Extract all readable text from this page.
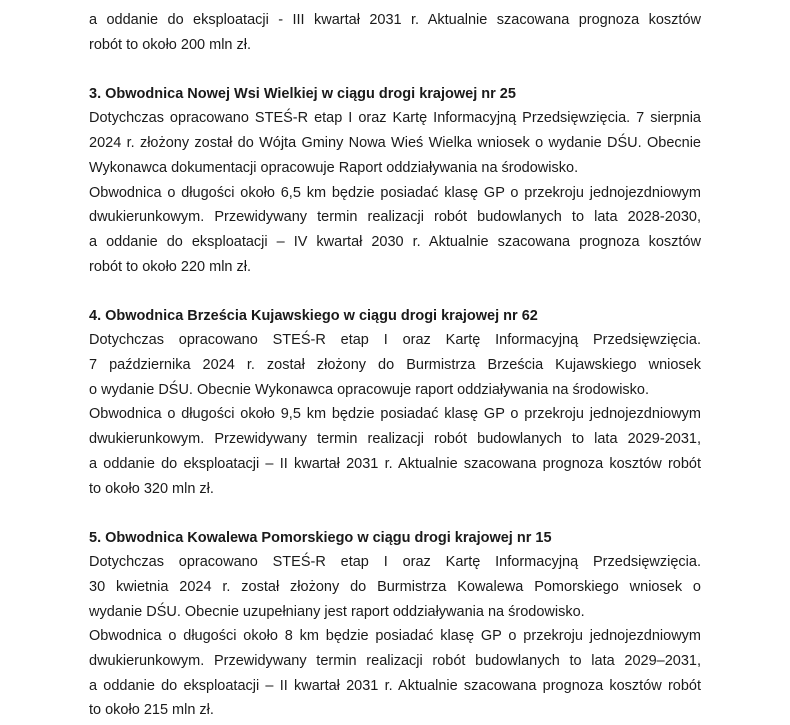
a oddanie do eksploatacji - III kwartał 2031 r. Aktualnie szacowana prognoza kosztów
robót to około 200 mln zł.
3. Obwodnica Nowej Wsi Wielkiej w ciągu drogi krajowej nr 25
Dotychczas opracowano STEŚ-R etap I oraz Kartę Informacyjną Przedsięwzięcia. 7 sierpnia
2024 r. złożony został do Wójta Gminy Nowa Wieś Wielka wniosek o wydanie DŚU. Obecnie
Wykonawca dokumentacji opracowuje Raport oddziaływania na środowisko.
Obwodnica o długości około 6,5 km będzie posiadać klasę GP o przekroju jednojezdniowym
dwukierunkowym. Przewidywany termin realizacji robót budowlanych to lata 2028-2030,
a oddanie do eksploatacji – IV kwartał 2030 r. Aktualnie szacowana prognoza kosztów
robót to około 220 mln zł.
4. Obwodnica Brześcia Kujawskiego w ciągu drogi krajowej nr 62
Dotychczas opracowano STEŚ-R etap I oraz Kartę Informacyjną Przedsięwzięcia.
7 października 2024 r. został złożony do Burmistrza Brześcia Kujawskiego wniosek
o wydanie DŚU. Obecnie Wykonawca opracowuje raport oddziaływania na środowisko.
Obwodnica o długości około 9,5 km będzie posiadać klasę GP o przekroju jednojezdniowym
dwukierunkowym. Przewidywany termin realizacji robót budowlanych to lata 2029-2031,
a oddanie do eksploatacji – II kwartał 2031 r. Aktualnie szacowana prognoza kosztów robót
to około 320 mln zł.
5. Obwodnica Kowalewa Pomorskiego w ciągu drogi krajowej nr 15
Dotychczas opracowano STEŚ-R etap I oraz Kartę Informacyjną Przedsięwzięcia.
30 kwietnia 2024 r. został złożony do Burmistrza Kowalewa Pomorskiego wniosek o
wydanie DŚU. Obecnie uzupełniany jest raport oddziaływania na środowisko.
Obwodnica o długości około 8 km będzie posiadać klasę GP o przekroju jednojezdniowym
dwukierunkowym. Przewidywany termin realizacji robót budowlanych to lata 2029–2031,
a oddanie do eksploatacji – II kwartał 2031 r. Aktualnie szacowana prognoza kosztów robót
to około 215 mln zł.
